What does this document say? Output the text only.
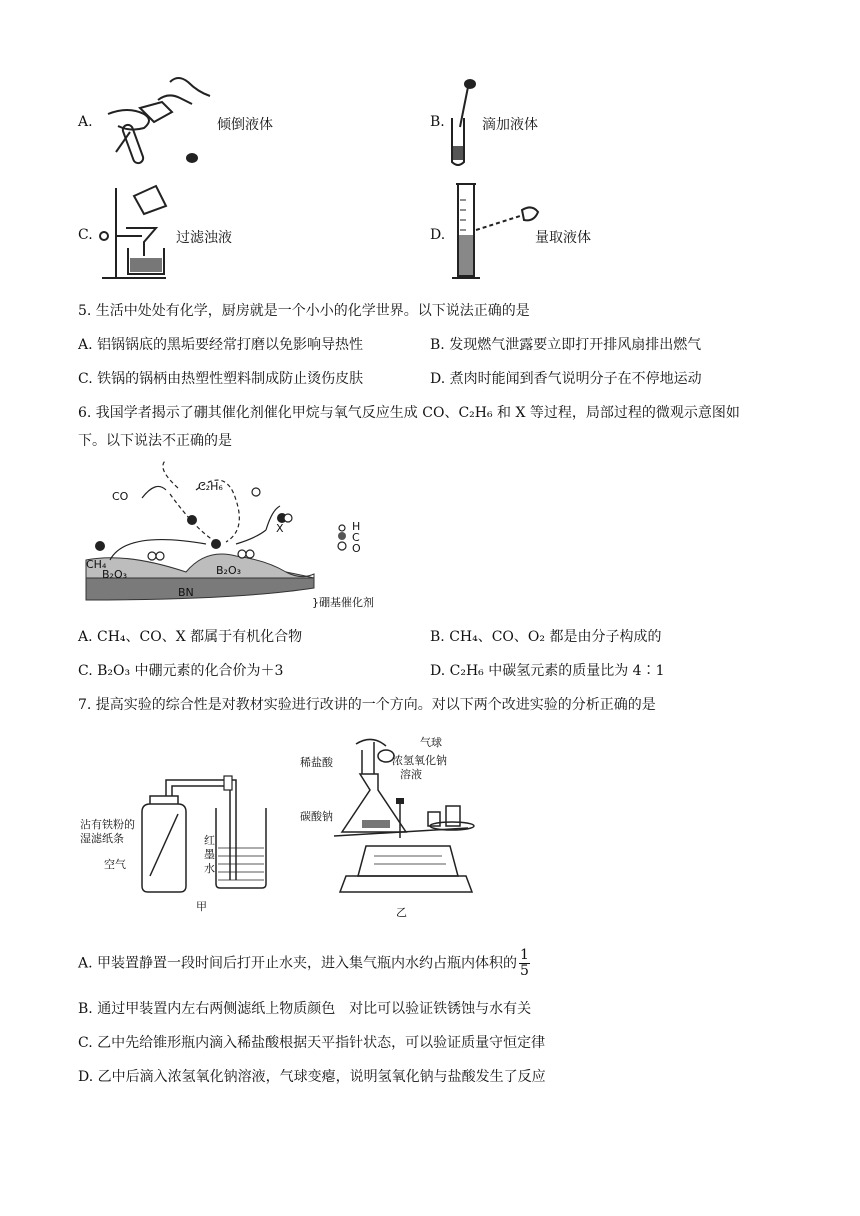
A.	倾倒液体	B.	滴加液体
C.	过滤浊液	D.	量取液体
5. 生活中处处有化学，厨房就是一个小小的化学世界。以下说法正确的是
A. 铝锅锅底的黑垢要经常打磨以免影响导热性	B. 发现燃气泄露要立即打开排风扇排出燃气
C. 铁锅的锅柄由热塑性塑料制成防止烫伤皮肤	D. 煮肉时能闻到香气说明分子在不停地运动
6. 我国学者揭示了硼其催化剂催化甲烷与氧气反应生成 CO、C₂H₆ 和 X 等过程，局部过程的微观示意图如
下。以下说法不正确的是
CO
C₂H₆
X
CH₄
B₂O₃	B₂O₃
BN
H
C
O
}硼基催化剂
A. CH₄、CO、X 都属于有机化合物	B. CH₄、CO、O₂ 都是由分子构成的
C. B₂O₃ 中硼元素的化合价为＋3	D. C₂H₆ 中碳氢元素的质量比为 4∶1
7. 提高实验的综合性是对教材实验进行改讲的一个方向。对以下两个改进实验的分析正确的是
沾有铁粉的
湿滤纸条
空气
红墨水
甲
稀盐酸
气球
浓氢氧化钠
溶液
碳酸钠
乙
A. 甲装置静置一段时间后打开止水夹，进入集气瓶内水约占瓶内体积的 $\frac{1}{5}$
B. 通过甲装置内左右两侧滤纸上物质颜色　对比可以验证铁锈蚀与水有关
C. 乙中先给锥形瓶内滴入稀盐酸根据天平指针状态，可以验证质量守恒定律
D. 乙中后滴入浓氢氧化钠溶液，气球变瘪，说明氢氧化钠与盐酸发生了反应
